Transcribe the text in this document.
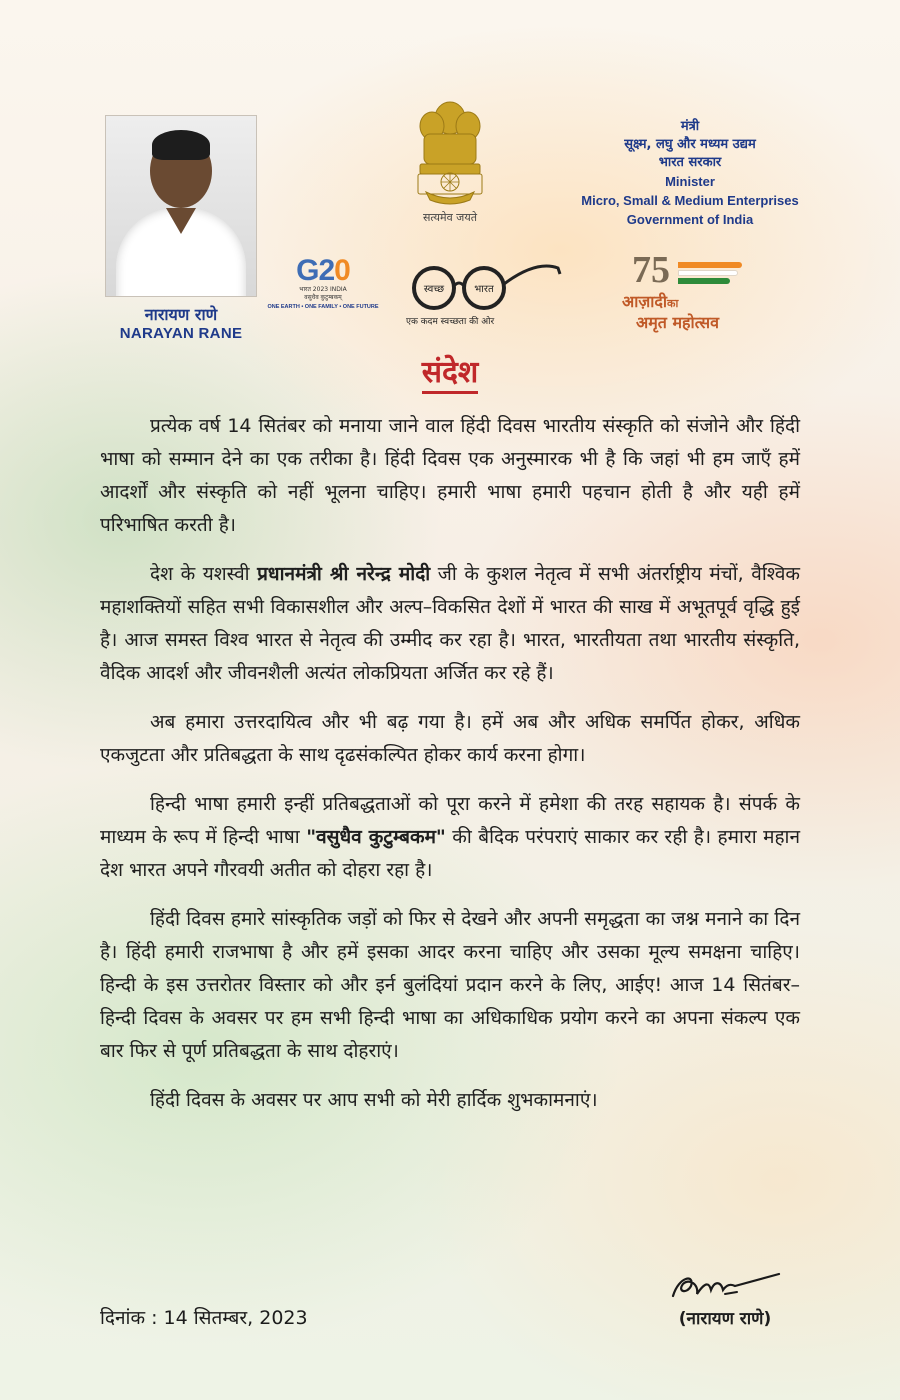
नारायण राणे
NARAYAN RANE
सत्यमेव जयते
मंत्री
सूक्ष्म, लघु और मध्यम उद्यम
भारत सरकार
Minister
Micro, Small & Medium Enterprises
Government of India
G20
भारत 2023 INDIA
वसुधैव कुटुम्बकम्
ONE EARTH • ONE FAMILY • ONE FUTURE
स्वच्छ	भारत
एक कदम स्वच्छता की ओर
75
आज़ादीका
अमृत महोत्सव
संदेश

प्रत्येक वर्ष 14 सितंबर को मनाया जाने वाल हिंदी दिवस भारतीय संस्कृति को संजोने और हिंदी भाषा को सम्मान देने का एक तरीका है। हिंदी दिवस एक अनुस्मारक भी है कि जहां भी हम जाएँ हमें आदर्शों और संस्कृति को नहीं भूलना चाहिए। हमारी भाषा हमारी पहचान होती है और यही हमें परिभाषित करती है।

देश के यशस्वी प्रधानमंत्री श्री नरेन्द्र मोदी जी के कुशल नेतृत्व में सभी अंतर्राष्ट्रीय मंचों, वैश्विक महाशक्तियों सहित सभी विकासशील और अल्प–विकसित देशों में भारत की साख में अभूतपूर्व वृद्धि हुई है। आज समस्त विश्व भारत से नेतृत्व की उम्मीद कर रहा है। भारत, भारतीयता तथा भारतीय संस्कृति, वैदिक आदर्श और जीवनशैली अत्यंत लोकप्रियता अर्जित कर रहे हैं।

अब हमारा उत्तरदायित्व और भी बढ़ गया है। हमें अब और अधिक समर्पित होकर, अधिक एकजुटता और प्रतिबद्धता के साथ दृढसंकल्पित होकर कार्य करना होगा।

हिन्दी भाषा हमारी इन्हीं प्रतिबद्धताओं को पूरा करने में हमेशा की तरह सहायक है। संपर्क के माध्यम के रूप में हिन्दी भाषा "वसुधैव कुटुम्बकम" की बैदिक परंपराएं साकार कर रही है। हमारा महान देश भारत अपने गौरवयी अतीत को दोहरा रहा है।

हिंदी दिवस हमारे सांस्कृतिक जड़ों को फिर से देखने और अपनी समृद्धता का जश्न मनाने का दिन है। हिंदी हमारी राजभाषा है और हमें इसका आदर करना चाहिए और उसका मूल्य समक्षना चाहिए। हिन्दी के इस उत्तरोतर विस्तार को और इर्न बुलंदियां प्रदान करने के लिए, आईए! आज 14 सितंबर–हिन्दी दिवस के अवसर पर हम सभी हिन्दी भाषा का अधिकाधिक प्रयोग करने का अपना संकल्प एक बार फिर से पूर्ण प्रतिबद्धता के साथ दोहराएं।

हिंदी दिवस के अवसर पर आप सभी को मेरी हार्दिक शुभकामनाएं।

दिनांक : 14 सितम्बर, 2023	(नारायण राणे)
